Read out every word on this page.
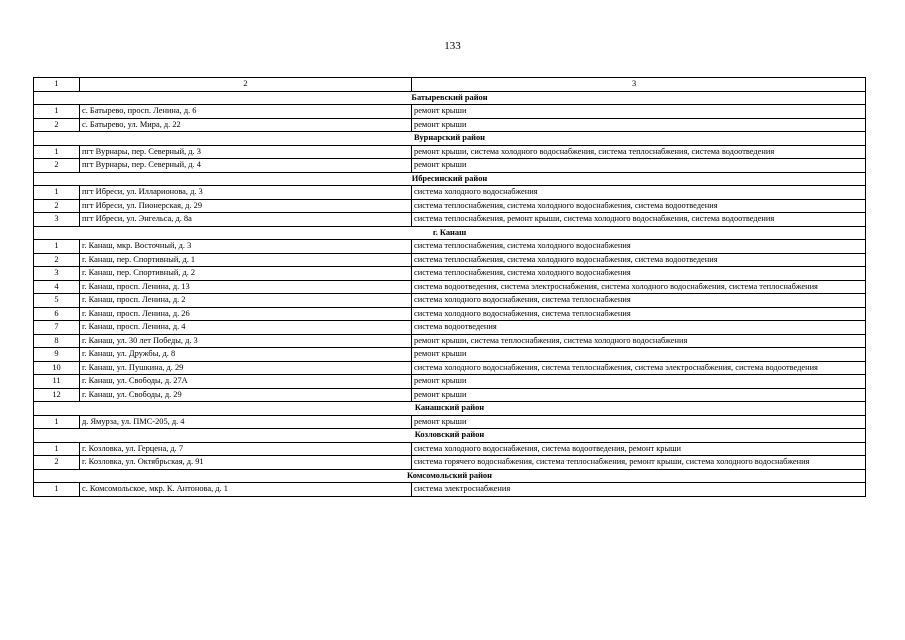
133
1	2	3
Батыревский район		
1	с. Батырево, просп. Ленина, д. 6	ремонт крыши
2	с. Батырево, ул. Мира, д. 22	ремонт крыши
Вурнарский район		
1	пгт Вурнары, пер. Северный, д. 3	ремонт крыши, система холодного водоснабжения, система теплоснабжения, система водоотведения
2	пгт Вурнары, пер. Северный, д. 4	ремонт крыши
Ибресинский район		
1	пгт Ибреси, ул. Илларионова, д. 3	система холодного водоснабжения
2	пгт Ибреси, ул. Пионерская, д. 29	система теплоснабжения, система холодного водоснабжения, система водоотведения
3	пгт Ибреси, ул. Энгельса, д. 8а	система теплоснабжения, ремонт крыши, система холодного водоснабжения, система водоотведения
г. Канаш		
1	г. Канаш, мкр. Восточный, д. 3	система теплоснабжения, система холодного водоснабжения
2	г. Канаш, пер. Спортивный, д. 1	система теплоснабжения, система холодного водоснабжения, система водоотведения
3	г. Канаш, пер. Спортивный, д. 2	система теплоснабжения, система холодного водоснабжения
4	г. Канаш, просп. Ленина, д. 13	система водоотведения, система электроснабжения, система холодного водоснабжения, система теплоснабжения
5	г. Канаш, просп. Ленина, д. 2	система холодного водоснабжения, система теплоснабжения
6	г. Канаш, просп. Ленина, д. 26	система холодного водоснабжения, система теплоснабжения
7	г. Канаш, просп. Ленина, д. 4	система водоотведения
8	г. Канаш, ул. 30 лет Победы, д. 3	ремонт крыши, система теплоснабжения, система холодного водоснабжения
9	г. Канаш, ул. Дружбы, д. 8	ремонт крыши
10	г. Канаш, ул. Пушкина, д. 29	система холодного водоснабжения, система теплоснабжения, система электроснабжения, система водоотведения
11	г. Канаш, ул. Свободы, д. 27А	ремонт крыши
12	г. Канаш, ул. Свободы, д. 29	ремонт крыши
Канашский район		
1	д. Ямурза, ул. ПМС-205, д. 4	ремонт крыши
Козловский район		
1	г. Козловка, ул. Герцена, д. 7	система холодного водоснабжения, система водоотведения, ремонт крыши
2	г. Козловка, ул. Октябрьская, д. 91	система горячего водоснабжения, система теплоснабжения, ремонт крыши, система холодного водоснабжения
Комсомольский район		
1	с. Комсомольское, мкр. К. Антонова, д. 1	система электроснабжения
